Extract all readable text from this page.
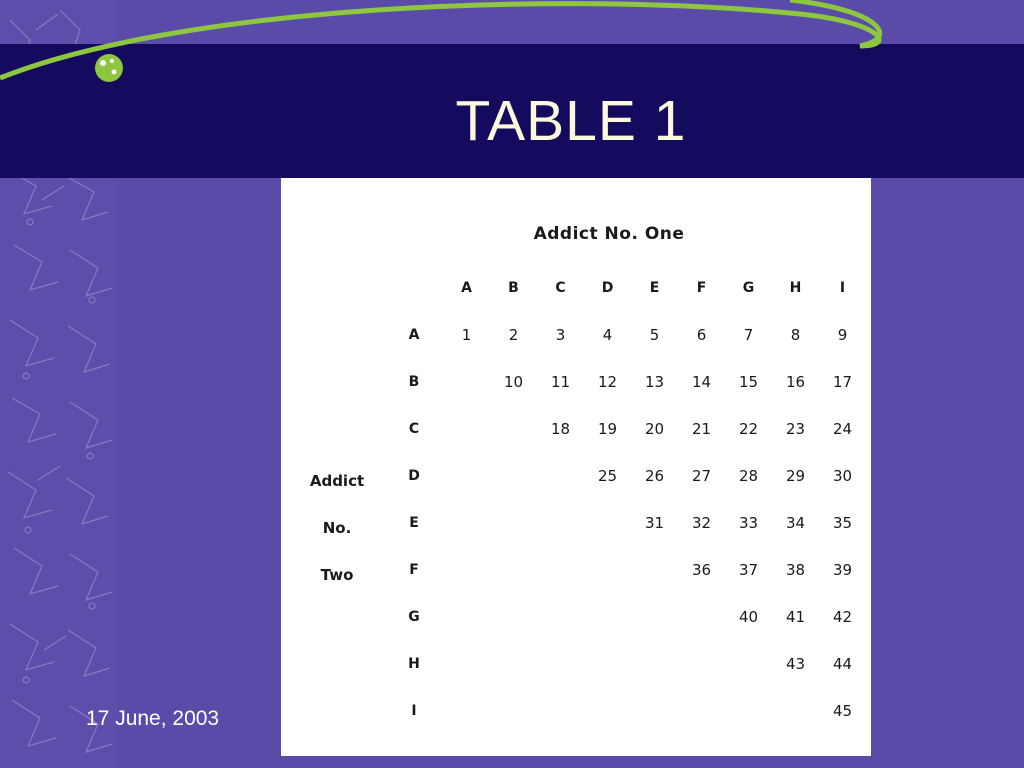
TABLE 1
Addict No. One
Addict
No.
Two
	A	B	C	D	E	F	G	H	I
A	1	2	3	4	5	6	7	8	9
B		10	11	12	13	14	15	16	17
C			18	19	20	21	22	23	24
D				25	26	27	28	29	30
E					31	32	33	34	35
F						36	37	38	39
G							40	41	42
H								43	44
I									45
17 June, 2003
